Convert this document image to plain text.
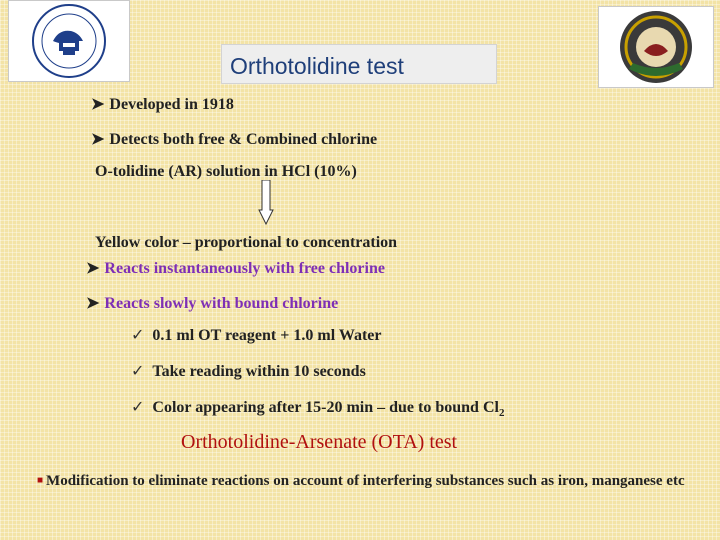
Orthotolidine test
➤ Developed in 1918
➤ Detects both free & Combined chlorine
O-tolidine (AR) solution in HCl (10%)
Yellow color – proportional to concentration
➤ Reacts instantaneously with free chlorine
➤ Reacts slowly with bound chlorine
✓ 0.1 ml OT reagent + 1.0 ml Water
✓ Take reading within 10 seconds
✓ Color appearing after 15-20 min – due to bound $Cl_2$
Orthotolidine-Arsenate (OTA) test
■ Modification to eliminate reactions on account of interfering substances such as iron, manganese etc
